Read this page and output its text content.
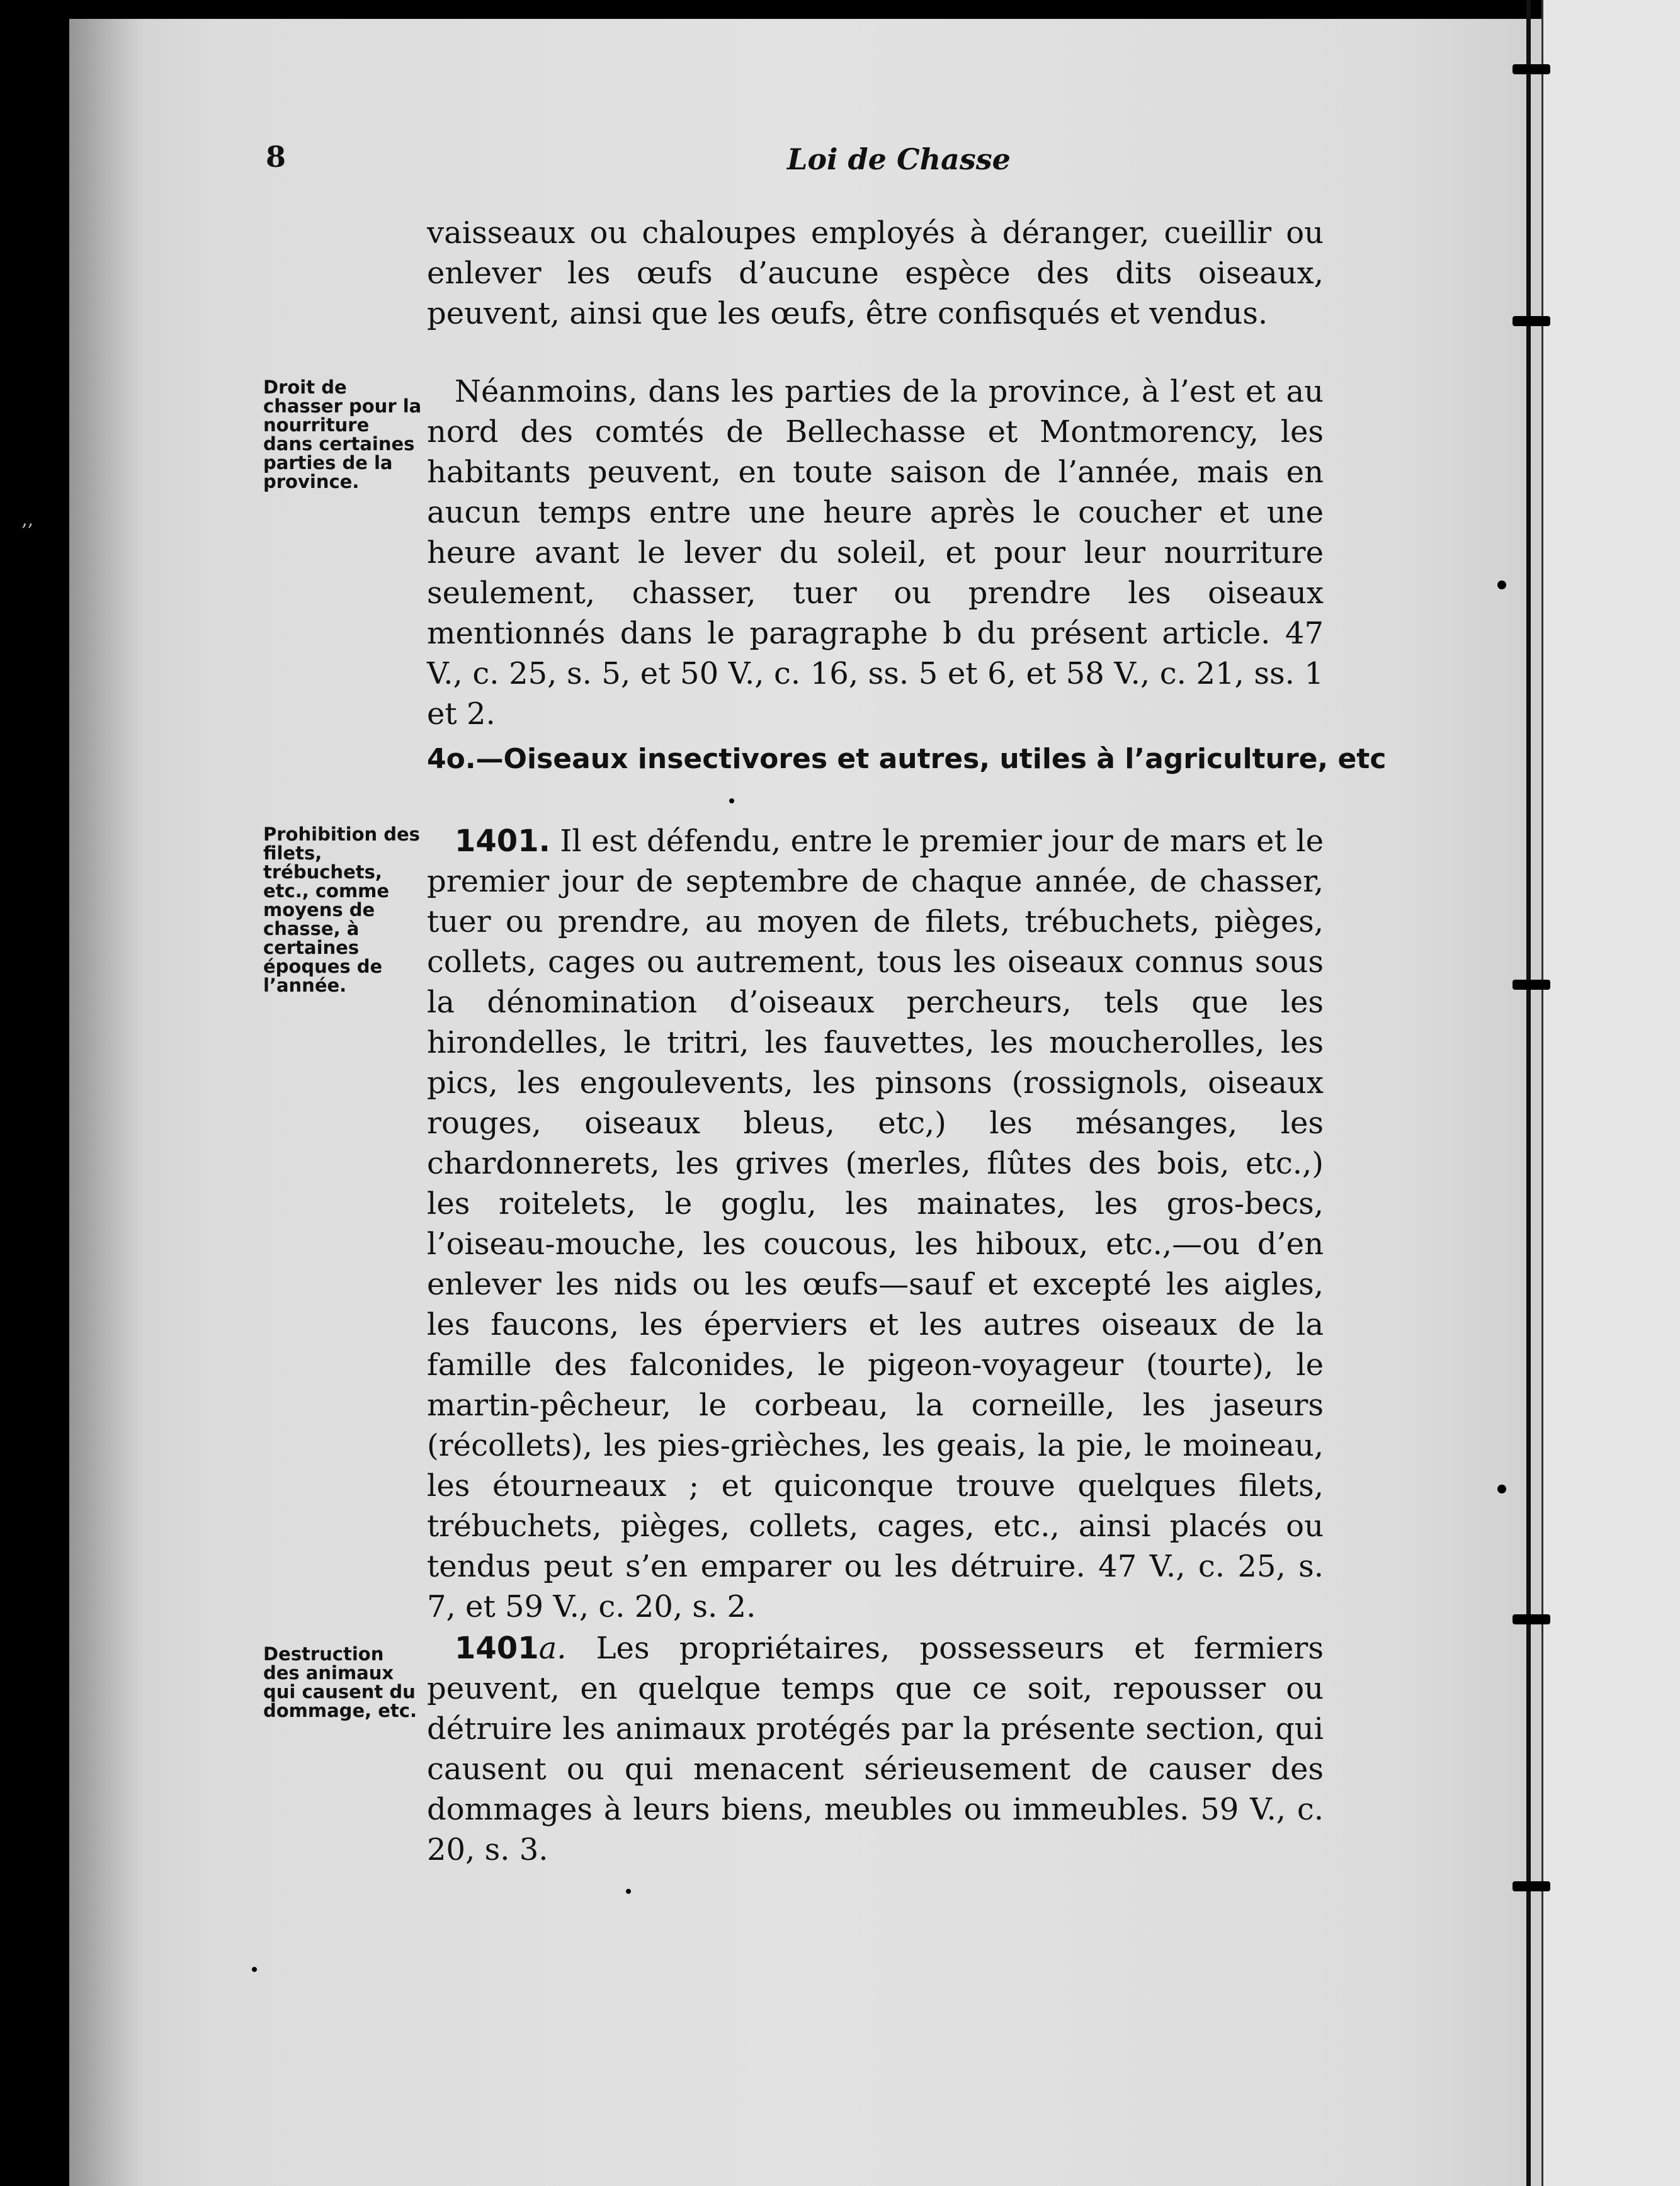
‚‚
8	Loi de Chasse

vaisseaux ou chaloupes employés à déranger, cueillir ou enlever les œufs d’aucune espèce des dits oiseaux, peuvent, ainsi que les œufs, être confisqués et vendus.

Droit de chasser pour la nourriture dans certaines parties de la province.

Néanmoins, dans les parties de la province, à l’est et au nord des comtés de Bellechasse et Montmorency, les habitants peuvent, en toute saison de l’année, mais en aucun temps entre une heure après le coucher et une heure avant le lever du soleil, et pour leur nourriture seulement, chasser, tuer ou prendre les oiseaux mentionnés dans le paragraphe b du présent article. 47 V., c. 25, s. 5, et 50 V., c. 16, ss. 5 et 6, et 58 V., c. 21, ss. 1 et 2.

4o.—Oiseaux insectivores et autres, utiles à l’agriculture, etc
Prohibition des filets, trébuchets, etc., comme moyens de chasse, à certaines époques de l’année.

1401. Il est défendu, entre le premier jour de mars et le premier jour de septembre de chaque année, de chasser, tuer ou prendre, au moyen de filets, trébuchets, pièges, collets, cages ou autrement, tous les oiseaux connus sous la dénomination d’oiseaux percheurs, tels que les hirondelles, le tritri, les fauvettes, les moucherolles, les pics, les engoulevents, les pinsons (rossignols, oiseaux rouges, oiseaux bleus, etc,) les mésanges, les chardonnerets, les grives (merles, flûtes des bois, etc.,) les roitelets, le goglu, les mainates, les gros-becs, l’oiseau-mouche, les coucous, les hiboux, etc.,—ou d’en enlever les nids ou les œufs—sauf et excepté les aigles, les faucons, les éperviers et les autres oiseaux de la famille des falconides, le pigeon-voyageur (tourte), le martin-pêcheur, le corbeau, la corneille, les jaseurs (récollets), les pies-grièches, les geais, la pie, le moineau, les étourneaux ; et quiconque trouve quelques filets, trébuchets, pièges, collets, cages, etc., ainsi placés ou tendus peut s’en emparer ou les détruire. 47 V., c. 25, s. 7, et 59 V., c. 20, s. 2.

Destruction des animaux qui causent du dommage, etc.

1401a. Les propriétaires, possesseurs et fermiers peuvent, en quelque temps que ce soit, repousser ou détruire les animaux protégés par la présente section, qui causent ou qui menacent sérieusement de causer des dommages à leurs biens, meubles ou immeubles. 59 V., c. 20, s. 3.
